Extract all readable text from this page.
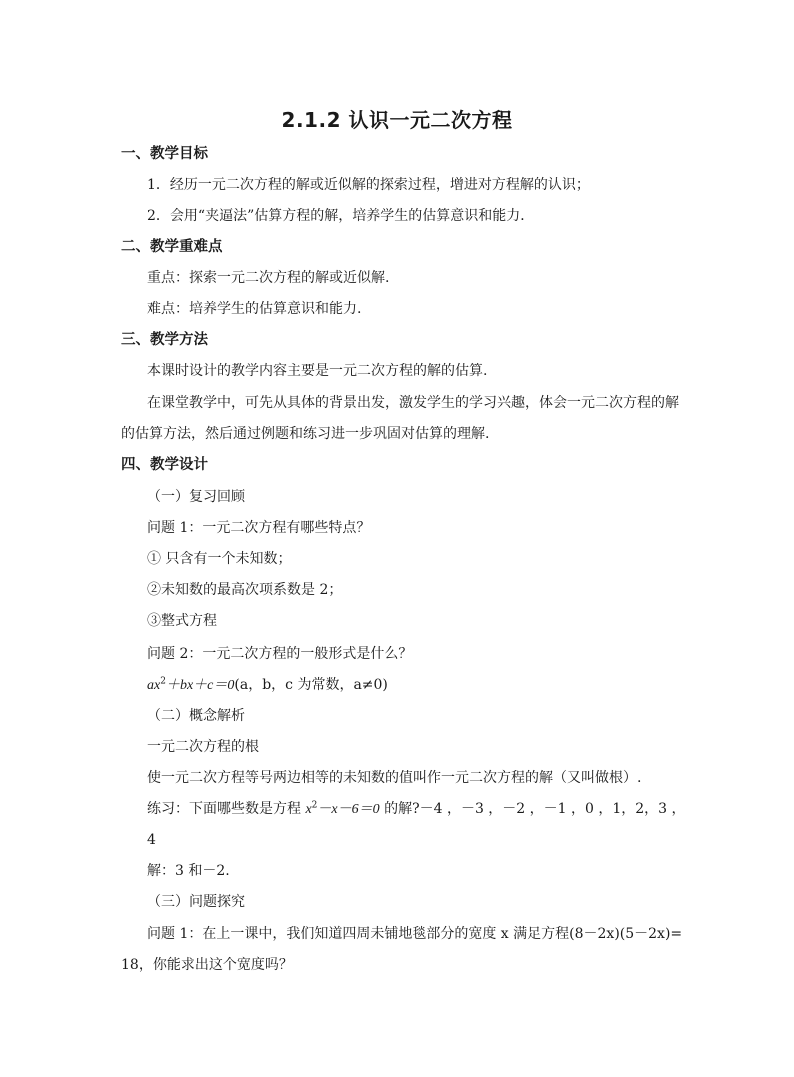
2.1.2 认识一元二次方程
一、教学目标
1．经历一元二次方程的解或近似解的探索过程，增进对方程解的认识；
2．会用“夹逼法”估算方程的解，培养学生的估算意识和能力．
二、教学重难点
重点：探索一元二次方程的解或近似解.
难点：培养学生的估算意识和能力.
三、教学方法
本课时设计的教学内容主要是一元二次方程的解的估算.
在课堂教学中，可先从具体的背景出发，激发学生的学习兴趣，体会一元二次方程的解
的估算方法，然后通过例题和练习进一步巩固对估算的理解.
四、教学设计
（一）复习回顾
问题 1：一元二次方程有哪些特点？
① 只含有一个未知数；
②未知数的最高次项系数是 2；
③整式方程
问题 2：一元二次方程的一般形式是什么？
$ax^2+bx+c=0(a$，b，c 为常数，a≠0)
（二）概念解析
一元二次方程的根
使一元二次方程等号两边相等的未知数的值叫作一元二次方程的解（又叫做根）.
练习：下面哪些数是方程 $x^2-x-6=0$ 的解?－4 ，－3 ，－2 ，－1 ，0 ，1，2，3 ，
4
解：3 和－2.
（三）问题探究
问题 1：在上一课中，我们知道四周未铺地毯部分的宽度 x 满足方程(8－2x)(5－2x)=
18，你能求出这个宽度吗？
